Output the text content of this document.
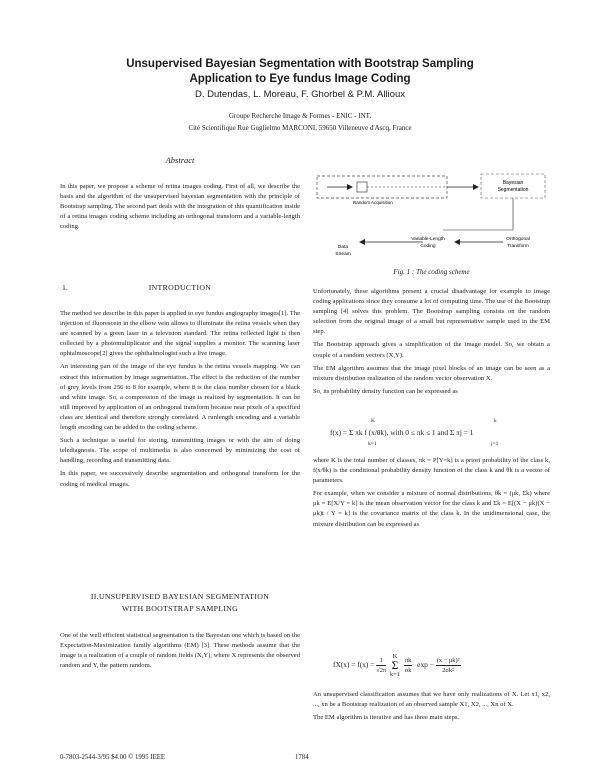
Unsupervised Bayesian Segmentation with Bootstrap Sampling
Application to Eye fundus Image Coding
D. Dutendas, L. Moreau, F. Ghorbel & P.M. Allioux
Groupe Recherche Image & Formes - ENIC - INT,
Cité Scientifique Rue Guglielmo MARCONI, 59650 Villeneuve d'Ascq, France
Abstract

In this paper, we propose a scheme of retina images coding. First of all, we describe the basis and the algorithm of the unsupervised bayesian segmentation with the principle of Bootstrap sampling. The second part deals with the integration of this quantification inside of a retina images coding scheme including an orthogonal transform and a variable-length coding.

1.	INTRODUCTION

The method we describe in this paper is applied to eye fundus angiography images[1]. The injection of fluorescein in the elbow vein allows to illuminate the retina vessels when they are scanned by a green laser in a television standard. The retina reflected light is then collected by a photomultiplicator and the signal supplies a monitor. The scanning laser ophtalmoscope[2] gives the ophthalmologist such a live image.

An interesting part of the image of the eye fundus is the retina vessels mapping. We can extract this information by image segmentation. The effect is the reduction of the number of grey levels from 256 to 8 for example, where 8 is the class number chosen for a black and white image. So, a compression of the image is realized by segmentation. It can be still improved by application of an orthogonal transform because near pixels of a specified class are identical and therefore strongly correlated. A runlength encoding and a variable length encoding can be added to the coding scheme.

Such a technique is useful for storing, transmitting images or with the aim of doing telediagnosis. The scope of multimedia is also concerned by minimizing the cost of handling, recording and transmitting data.

In this paper, we successively describe segmentation and orthogonal transform for the coding of medical images.

II.UNSUPERVISED BAYESIAN SEGMENTATION
WITH BOOTSTRAP SAMPLING

One of the well efficient statistical segmentation is the Bayesian one which is based on the Expectation-Maximization family algorithms (EM) [3]. These methods assume that the image is a realization of a couple of random fields (X,Y), where X represents the observed random and Y, the pattern random.

Bayesian
Segmentation
Random Acquisition
Variable-Length
Coding
Data
Stream
Orthogonal
Transform
Fig. 1 : The coding scheme

Unfortunately, these algorithms present a crucial disadvantage for example to image coding applications since they consume a lot of computing time. The use of the Bootstrap sampling [4] solves this problem. The Bootstrap sampling consists on the random selection from the original image of a small but representative sample used in the EM step.

The Bootstrap approach gives a simplification of the image model. So, we obtain a couple of a random vectors (X,Y).

The EM algorithm assumes that the image pixel blocks of an image can be seen as a mixture distribution realization of the random vector observation X.

So, its probability density function can be expressed as

f(x) = Σ πk f (x/θk), with 0 ≤ πk ≤ 1 and Σ πj = 1
K
k=1
k
j=1

where K is the total number of classes, πk = P[Y=k] is a priori probability of the class k, f(x/θk) is the conditional probability density function of the class k and θk is a vector of parameters.

For example, when we consider a mixture of normal distributions, θk = (μk, Σk) where μk = E[X/Y = k] is the mean observation vector for the class k and Σk = E[(X − μk)(X − μk)t / Y = k] is the covariance matrix of the class k. In the unidimensional case, the mixture distribution can be expressed as

$fX(x) = f(x) = \frac{1}{√2\pi}$
	K
Σ
k=1
$\frac{\pi k}{\sigma k}$ $\exp - \frac{\text{(x − μk)²}}{\text{2σk²}}$

An unsupervised classification assumes that we have only realizations of X. Let x1, x2, ..., xn be a Bootstrap realization of an observed sample X1, X2, ..., Xn of X.

The EM algorithm is iterative and has three main steps.

0-7803-2544-3/95 $4.00 © 1995 IEEE	1784
